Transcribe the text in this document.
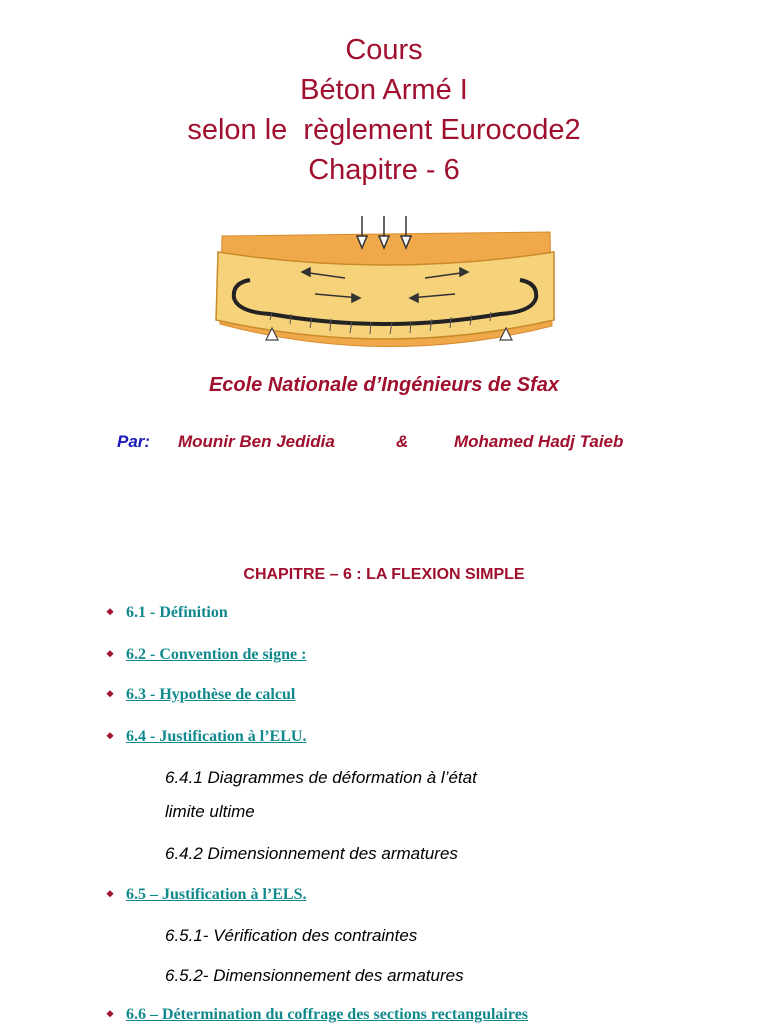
Cours
Béton Armé I
selon le  règlement Eurocode2
Chapitre - 6
Ecole Nationale d’Ingénieurs de Sfax
Par: Mounir Ben Jedidia	&	Mohamed Hadj Taieb
CHAPITRE – 6 : LA FLEXION SIMPLE
❖ 6.1 - Définition
❖ 6.2 - Convention de signe :
❖ 6.3 - Hypothèse de calcul
❖ 6.4 - Justification à l’ELU.
6.4.1 Diagrammes de déformation à l’état
limite ultime
6.4.2 Dimensionnement des armatures
❖ 6.5 – Justification à l’ELS.
6.5.1- Vérification des contraintes
6.5.2- Dimensionnement des armatures
❖ 6.6 – Détermination du coffrage des sections rectangulaires
